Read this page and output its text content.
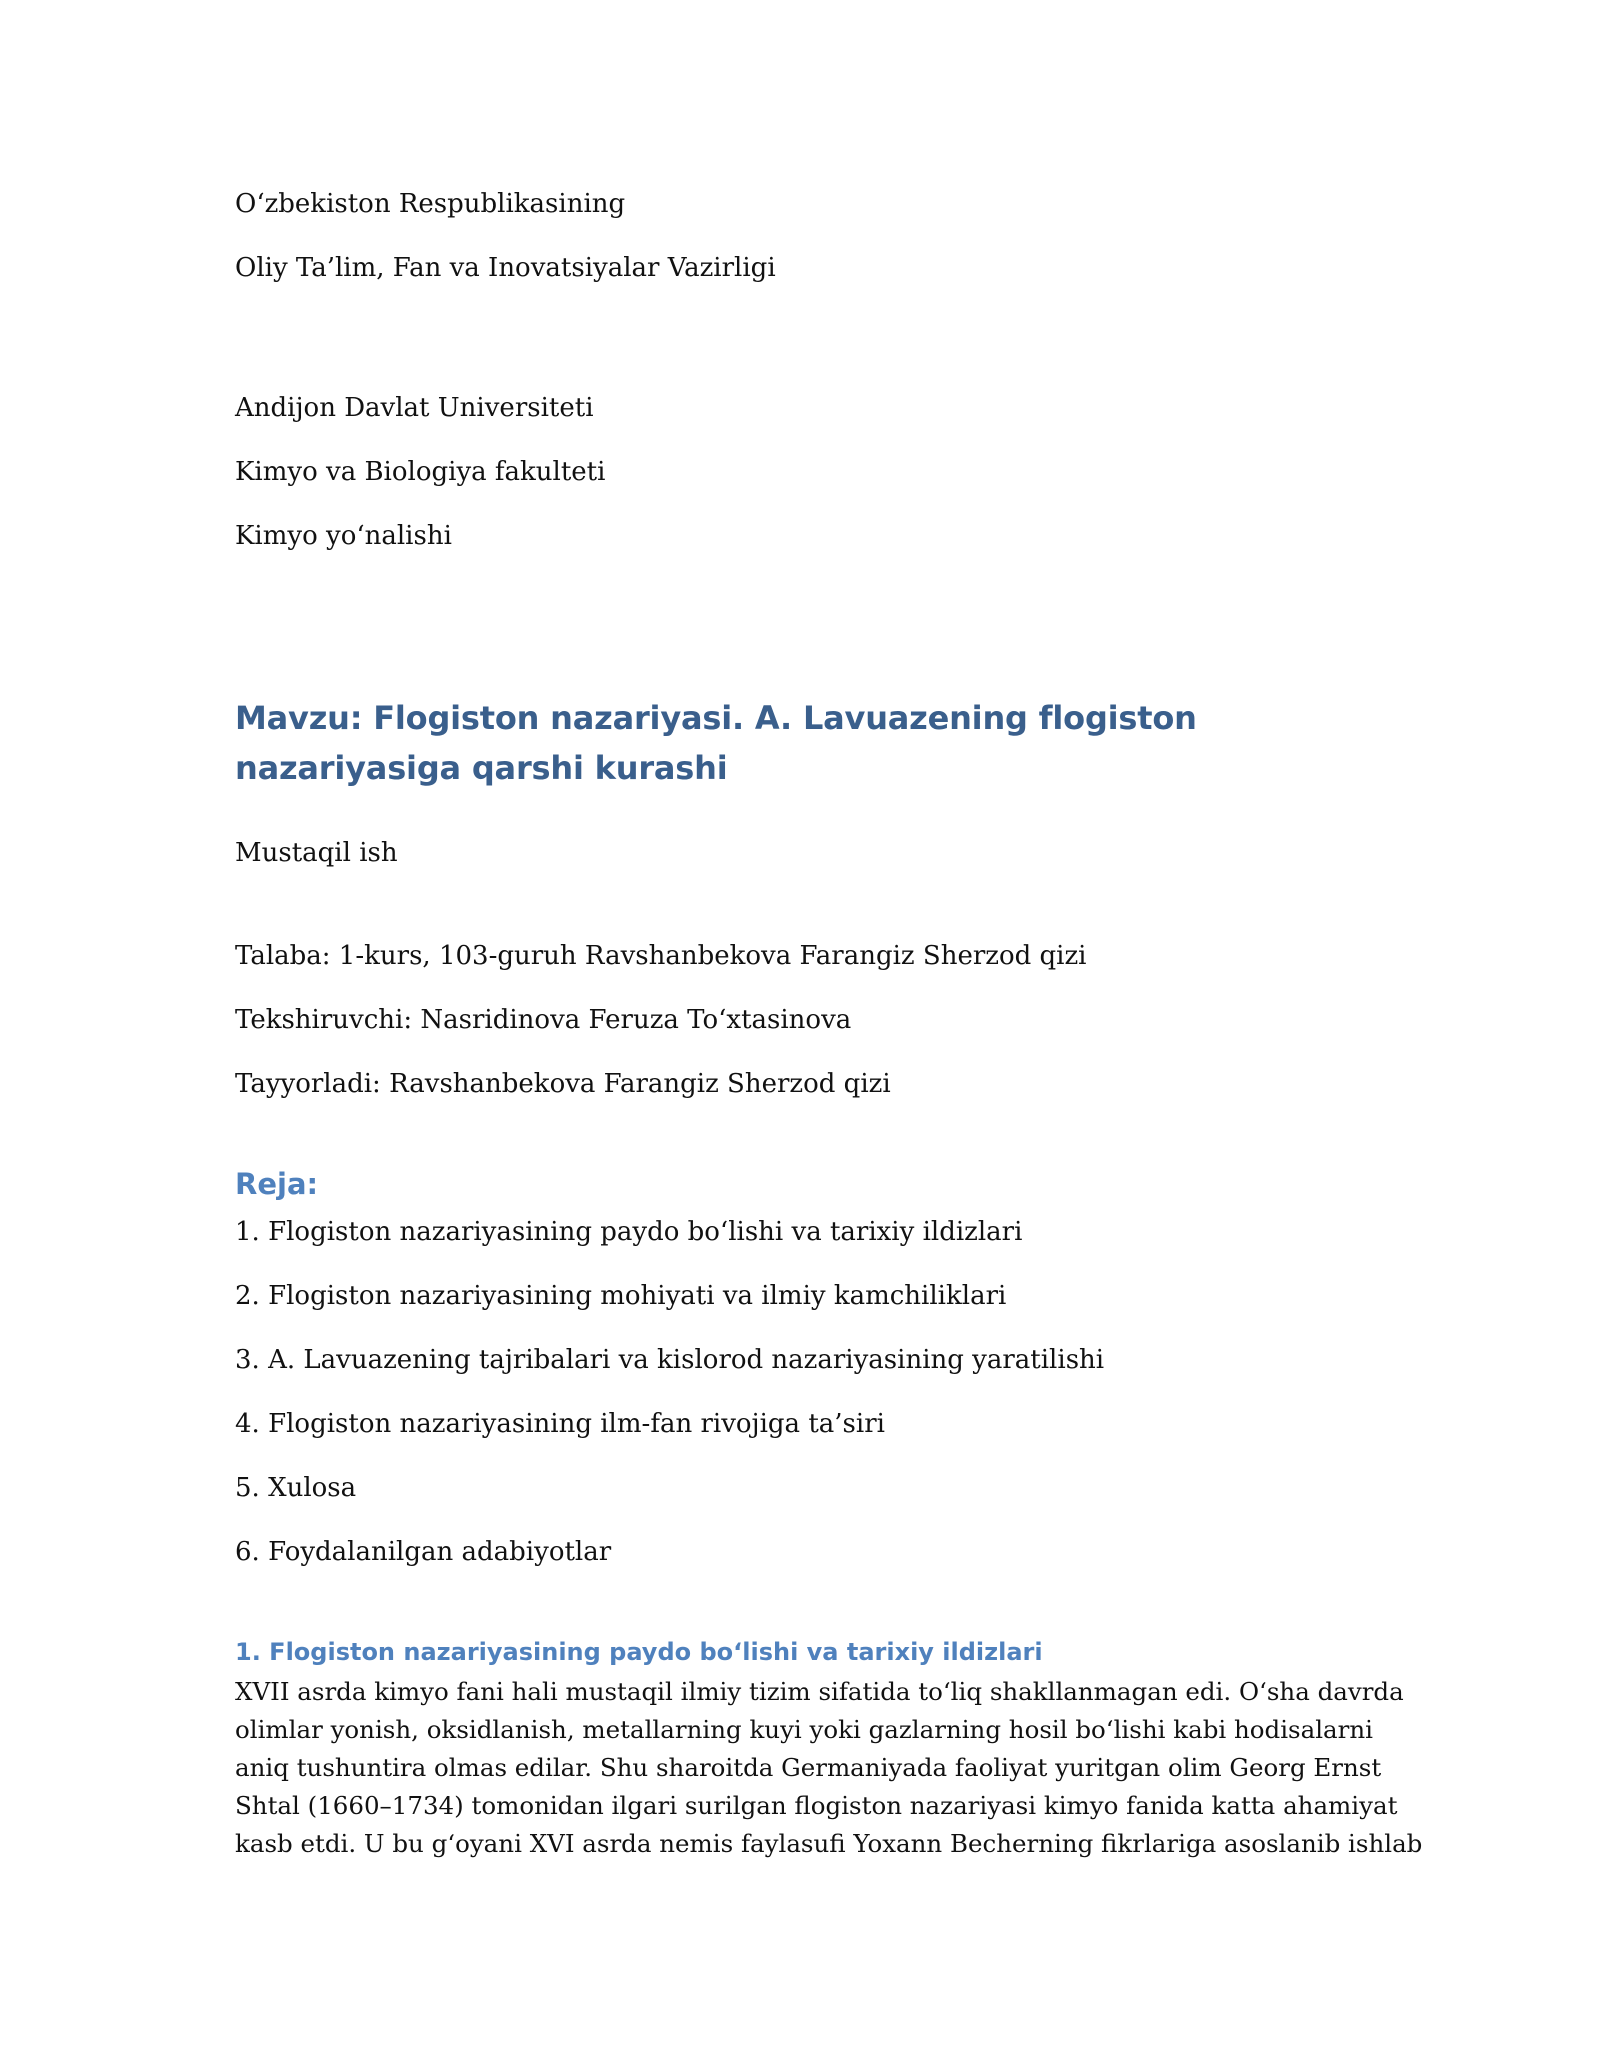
O‘zbekiston Respublikasining

Oliy Ta’lim, Fan va Inovatsiyalar Vazirligi

Andijon Davlat Universiteti

Kimyo va Biologiya fakulteti

Kimyo yo‘nalishi

Mavzu: Flogiston nazariyasi. A. Lavuazening flogiston nazariyasiga qarshi kurashi

Mustaqil ish

Talaba: 1-kurs, 103-guruh Ravshanbekova Farangiz Sherzod qizi

Tekshiruvchi: Nasridinova Feruza To‘xtasinova

Tayyorladi: Ravshanbekova Farangiz Sherzod qizi

Reja:

1. Flogiston nazariyasining paydo bo‘lishi va tarixiy ildizlari

2. Flogiston nazariyasining mohiyati va ilmiy kamchiliklari

3. A. Lavuazening tajribalari va kislorod nazariyasining yaratilishi

4. Flogiston nazariyasining ilm-fan rivojiga ta’siri

5. Xulosa

6. Foydalanilgan adabiyotlar

1. Flogiston nazariyasining paydo bo‘lishi va tarixiy ildizlari
XVII asrda kimyo fani hali mustaqil ilmiy tizim sifatida to‘liq shakllanmagan edi. O‘sha davrda
olimlar yonish, oksidlanish, metallarning kuyi yoki gazlarning hosil bo‘lishi kabi hodisalarni
aniq tushuntira olmas edilar. Shu sharoitda Germaniyada faoliyat yuritgan olim Georg Ernst
Shtal (1660–1734) tomonidan ilgari surilgan flogiston nazariyasi kimyo fanida katta ahamiyat
kasb etdi. U bu g‘oyani XVI asrda nemis faylasufi Yoxann Becherning fikrlariga asoslanib ishlab
